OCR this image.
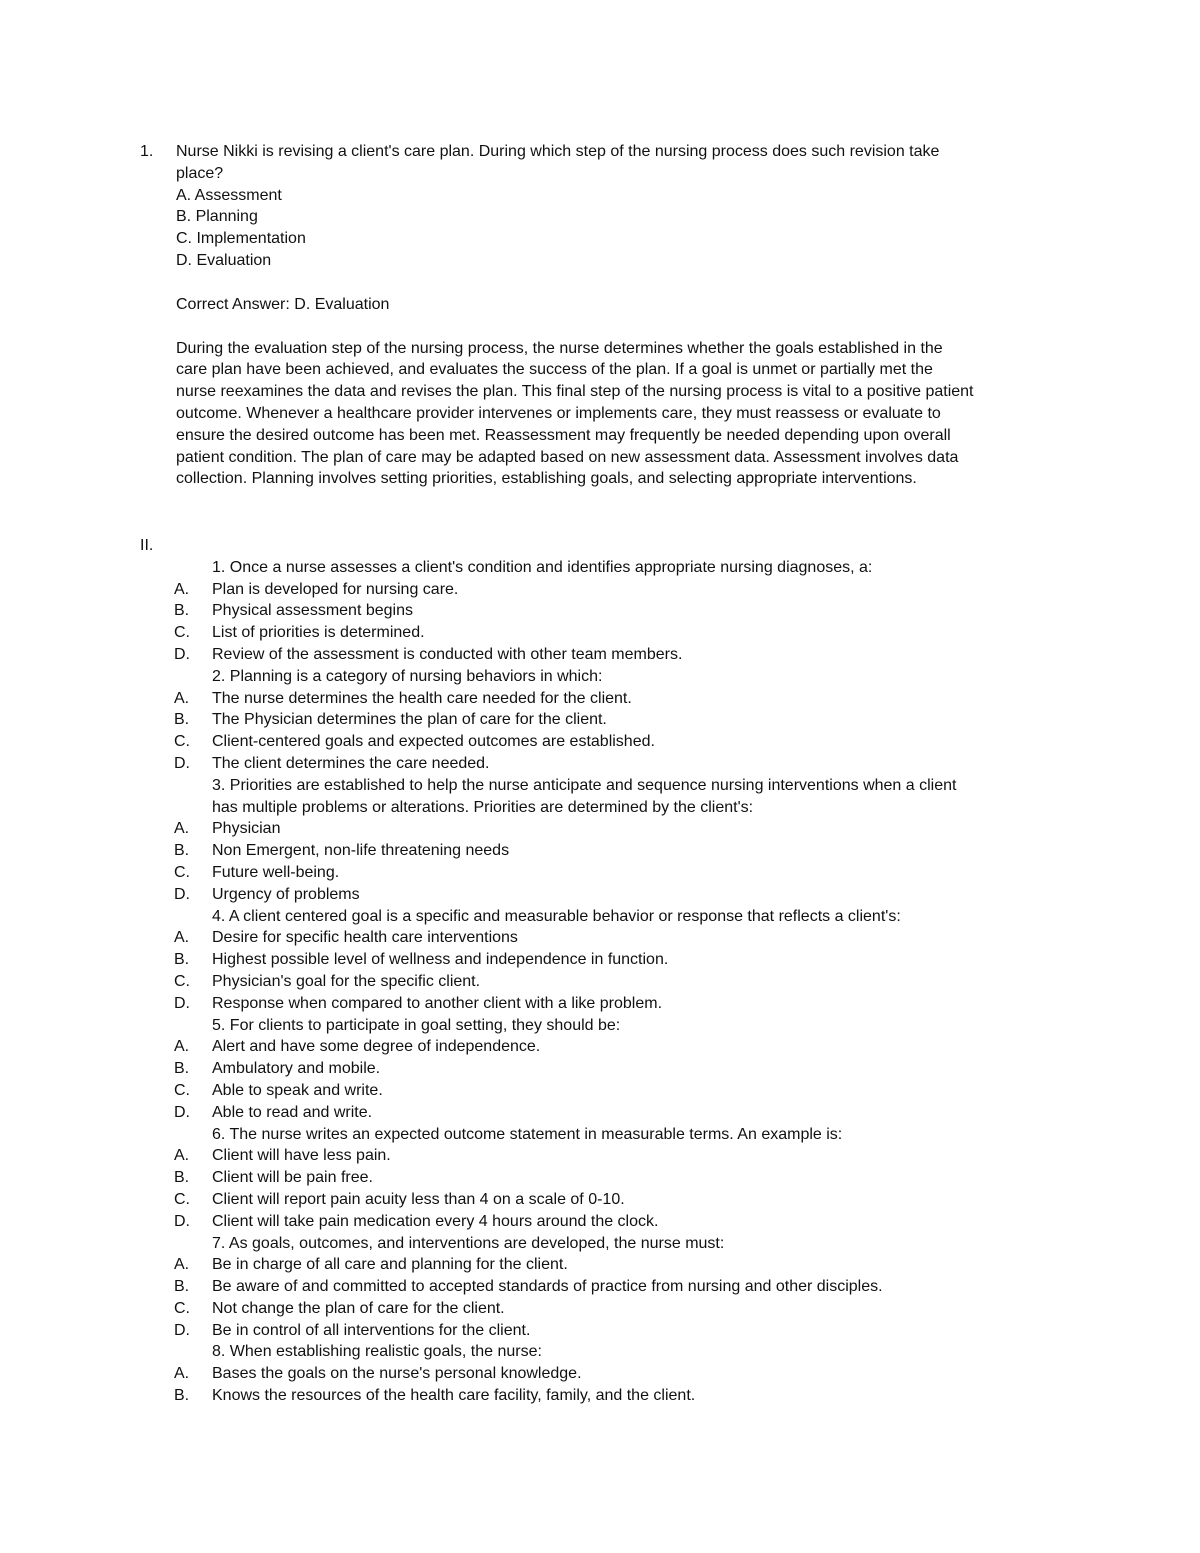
1. Nurse Nikki is revising a client's care plan. During which step of the nursing process does such revision take
place?
A. Assessment
B. Planning
C. Implementation
D. Evaluation
Correct Answer: D. Evaluation
During the evaluation step of the nursing process, the nurse determines whether the goals established in the
care plan have been achieved, and evaluates the success of the plan. If a goal is unmet or partially met the
nurse reexamines the data and revises the plan. This final step of the nursing process is vital to a positive patient
outcome. Whenever a healthcare provider intervenes or implements care, they must reassess or evaluate to
ensure the desired outcome has been met. Reassessment may frequently be needed depending upon overall
patient condition. The plan of care may be adapted based on new assessment data. Assessment involves data
collection. Planning involves setting priorities, establishing goals, and selecting appropriate interventions.
II.
1. Once a nurse assesses a client's condition and identifies appropriate nursing diagnoses, a:
A. Plan is developed for nursing care.
B. Physical assessment begins
C. List of priorities is determined.
D. Review of the assessment is conducted with other team members.
2. Planning is a category of nursing behaviors in which:
A. The nurse determines the health care needed for the client.
B. The Physician determines the plan of care for the client.
C. Client-centered goals and expected outcomes are established.
D. The client determines the care needed.
3. Priorities are established to help the nurse anticipate and sequence nursing interventions when a client
has multiple problems or alterations. Priorities are determined by the client's:
A. Physician
B. Non Emergent, non-life threatening needs
C. Future well-being.
D. Urgency of problems
4. A client centered goal is a specific and measurable behavior or response that reflects a client's:
A. Desire for specific health care interventions
B. Highest possible level of wellness and independence in function.
C. Physician's goal for the specific client.
D. Response when compared to another client with a like problem.
5. For clients to participate in goal setting, they should be:
A. Alert and have some degree of independence.
B. Ambulatory and mobile.
C. Able to speak and write.
D. Able to read and write.
6. The nurse writes an expected outcome statement in measurable terms. An example is:
A. Client will have less pain.
B. Client will be pain free.
C. Client will report pain acuity less than 4 on a scale of 0-10.
D. Client will take pain medication every 4 hours around the clock.
7. As goals, outcomes, and interventions are developed, the nurse must:
A. Be in charge of all care and planning for the client.
B. Be aware of and committed to accepted standards of practice from nursing and other disciples.
C. Not change the plan of care for the client.
D. Be in control of all interventions for the client.
8. When establishing realistic goals, the nurse:
A. Bases the goals on the nurse's personal knowledge.
B. Knows the resources of the health care facility, family, and the client.
